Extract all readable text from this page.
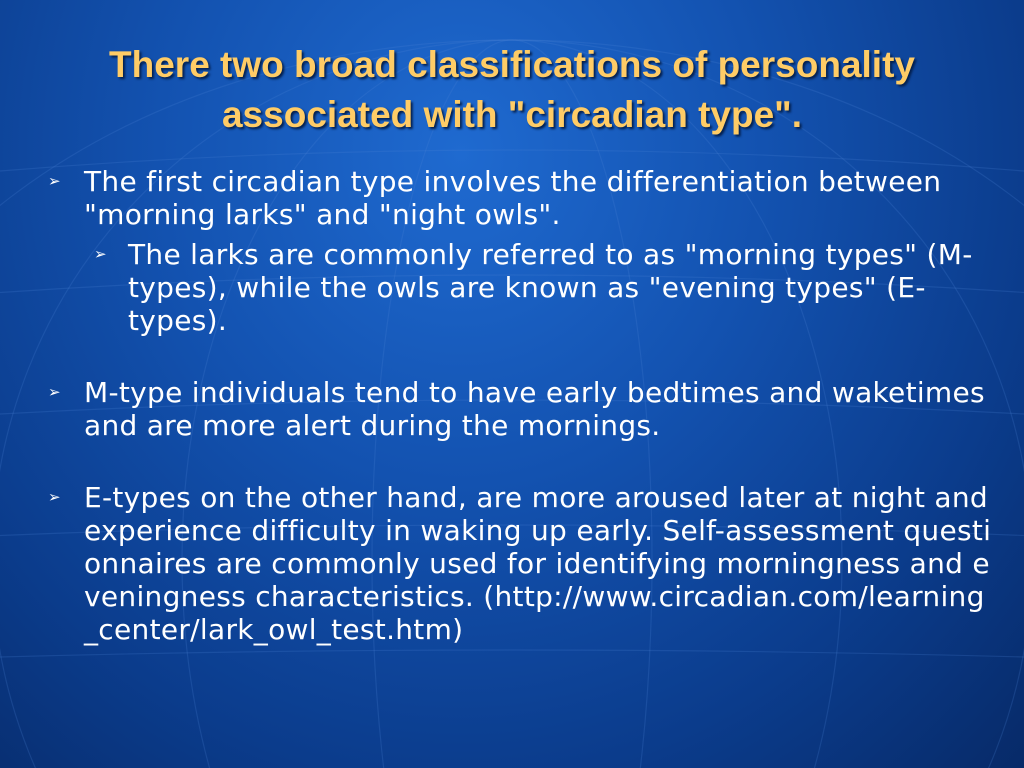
There two broad classifications of personality
associated with "circadian type".
➢ The first circadian type involves the differentiation between "morning larks" and "night owls".
➢ The larks are commonly referred to as "morning types" (M- types), while the owls are known as "evening types" (E-types).
➢ M-type individuals tend to have early bedtimes and waketimes and are more alert during the mornings.
➢ E-types on the other hand, are more aroused later at night and experience difficulty in waking up early. Self-assessment questionnaires are commonly used for identifying morningness and eveningness characteristics. (http://www.circadian.com/learning_center/lark_owl_test.htm)
